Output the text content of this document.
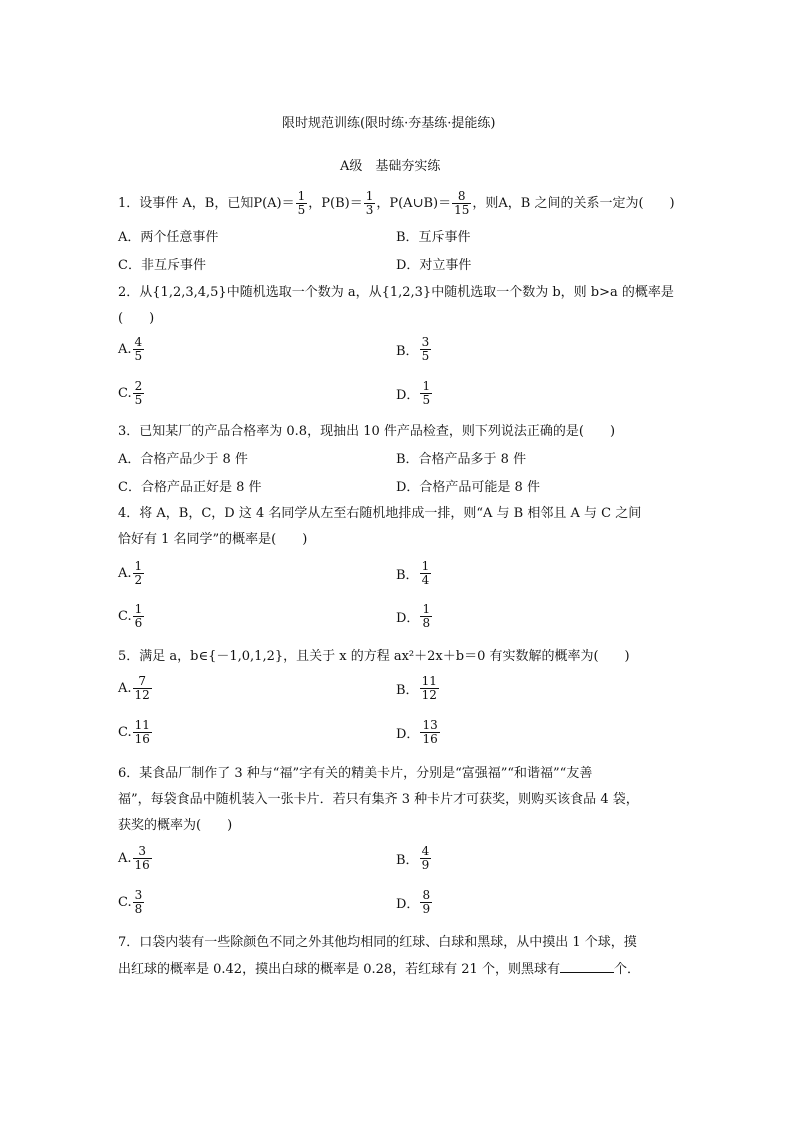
限时规范训练(限时练·夯基练·提能练)
A级　基础夯实练
1．设事件 A，B，已知$P(A)= \frac{1}{5}$ ，$P(B)= \frac{1}{3}$ ，P(A∪B)＝ $\frac{8}{15}$ ，则A，B 之间的关系一定为(　　)
A．两个任意事件	B．互斥事件
C．非互斥事件	D．对立事件
2．从{1,2,3,4,5}中随机选取一个数为 a，从{1,2,3}中随机选取一个数为 b，则 b>a 的概率是
(　　)
A. $\frac{4}{5}$	B． $\frac{3}{5}$
C. $\frac{2}{5}$	D． $\frac{1}{5}$
3．已知某厂的产品合格率为 0.8，现抽出 10 件产品检查，则下列说法正确的是(　　)
A．合格产品少于 8 件	B．合格产品多于 8 件
C．合格产品正好是 8 件	D．合格产品可能是 8 件
4．将 A，B，C，D 这 4 名同学从左至右随机地排成一排，则“A 与 B 相邻且 A 与 C 之间
恰好有 1 名同学”的概率是(　　)
A. $\frac{1}{2}$	B． $\frac{1}{4}$
C. $\frac{1}{6}$	D． $\frac{1}{8}$
5．满足 a，b∈{－1,0,1,2}，且关于 x 的方程 ax²＋2x＋b＝0 有实数解的概率为(　　)
A. $\frac{7}{12}$	B． $\frac{11}{12}$
C. $\frac{11}{16}$	D． $\frac{13}{16}$
6．某食品厂制作了 3 种与“福”字有关的精美卡片，分别是“富强福”“和谐福”“友善
福”，每袋食品中随机装入一张卡片．若只有集齐 3 种卡片才可获奖，则购买该食品 4 袋，
获奖的概率为(　　)
A. $\frac{3}{16}$	B． $\frac{4}{9}$
C. $\frac{3}{8}$	D． $\frac{8}{9}$
7．口袋内装有一些除颜色不同之外其他均相同的红球、白球和黑球，从中摸出 1 个球，摸
出红球的概率是 0.42，摸出白球的概率是 0.28，若红球有 21 个，则黑球有	个．
